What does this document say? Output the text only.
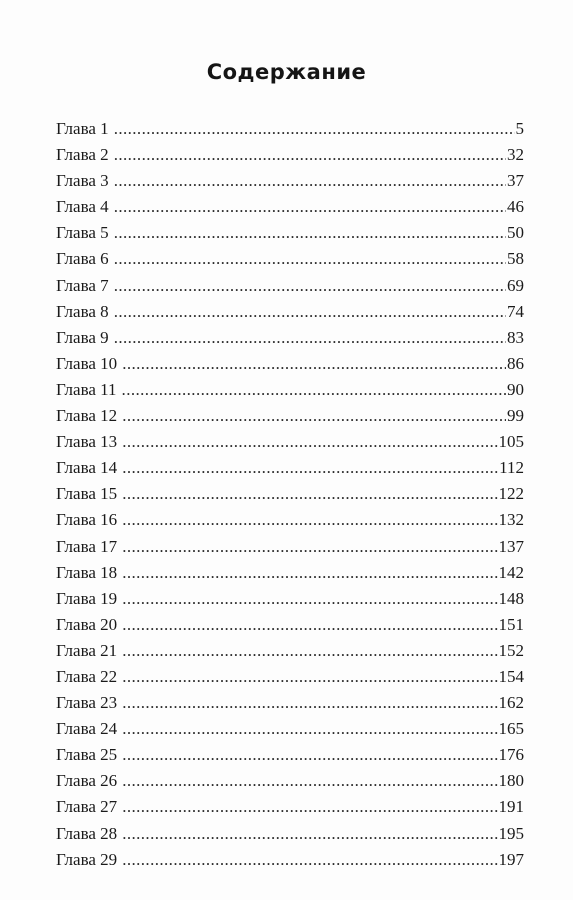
Содержание
Глава 1 .....	5
Глава 2 .....	32
Глава 3 .....	37
Глава 4 .....	46
Глава 5 .....	50
Глава 6 .....	58
Глава 7 .....	69
Глава 8 .....	74
Глава 9 .....	83
Глава 10 .....	86
Глава 11 .....	90
Глава 12 .....	99
Глава 13 .....	105
Глава 14 .....	112
Глава 15 .....	122
Глава 16 .....	132
Глава 17 .....	137
Глава 18 .....	142
Глава 19 .....	148
Глава 20 .....	151
Глава 21 .....	152
Глава 22 .....	154
Глава 23 .....	162
Глава 24 .....	165
Глава 25 .....	176
Глава 26 .....	180
Глава 27 .....	191
Глава 28 .....	195
Глава 29 .....	197
